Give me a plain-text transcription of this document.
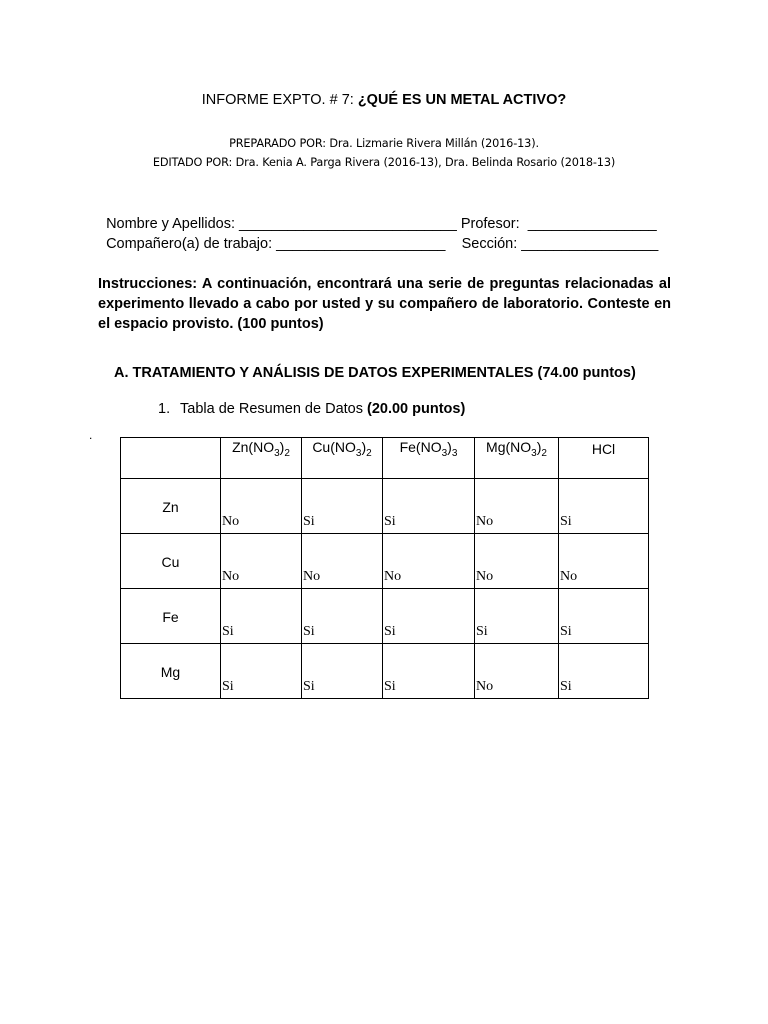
INFORME EXPTO. # 7: ¿QUÉ ES UN METAL ACTIVO?
PREPARADO POR: Dra. Lizmarie Rivera Millán (2016-13).
EDITADO POR: Dra. Kenia A. Parga Rivera (2016-13), Dra. Belinda Rosario (2018-13)

Nombre y Apellidos: ___________________________ Profesor: ________________

Compañero(a) de trabajo: _____________________ Sección: _________________

Instrucciones: A continuación, encontrará una serie de preguntas relacionadas al experimento llevado a cabo por usted y su compañero de laboratorio. Conteste en el espacio provisto. (100 puntos)
A. TRATAMIENTO Y ANÁLISIS DE DATOS EXPERIMENTALES (74.00 puntos)
1. Tabla de Resumen de Datos (20.00 puntos)
.
	$Zn(NO_3)_2$	$Cu(NO_3)_2$	$Fe(NO_3)_3$	$Mg(NO_3)_2$	HCl

Zn	No	Si	Si	No	Si

Cu	No	No	No	No	No

Fe	Si	Si	Si	Si	Si

Mg	Si	Si	Si	No	Si
